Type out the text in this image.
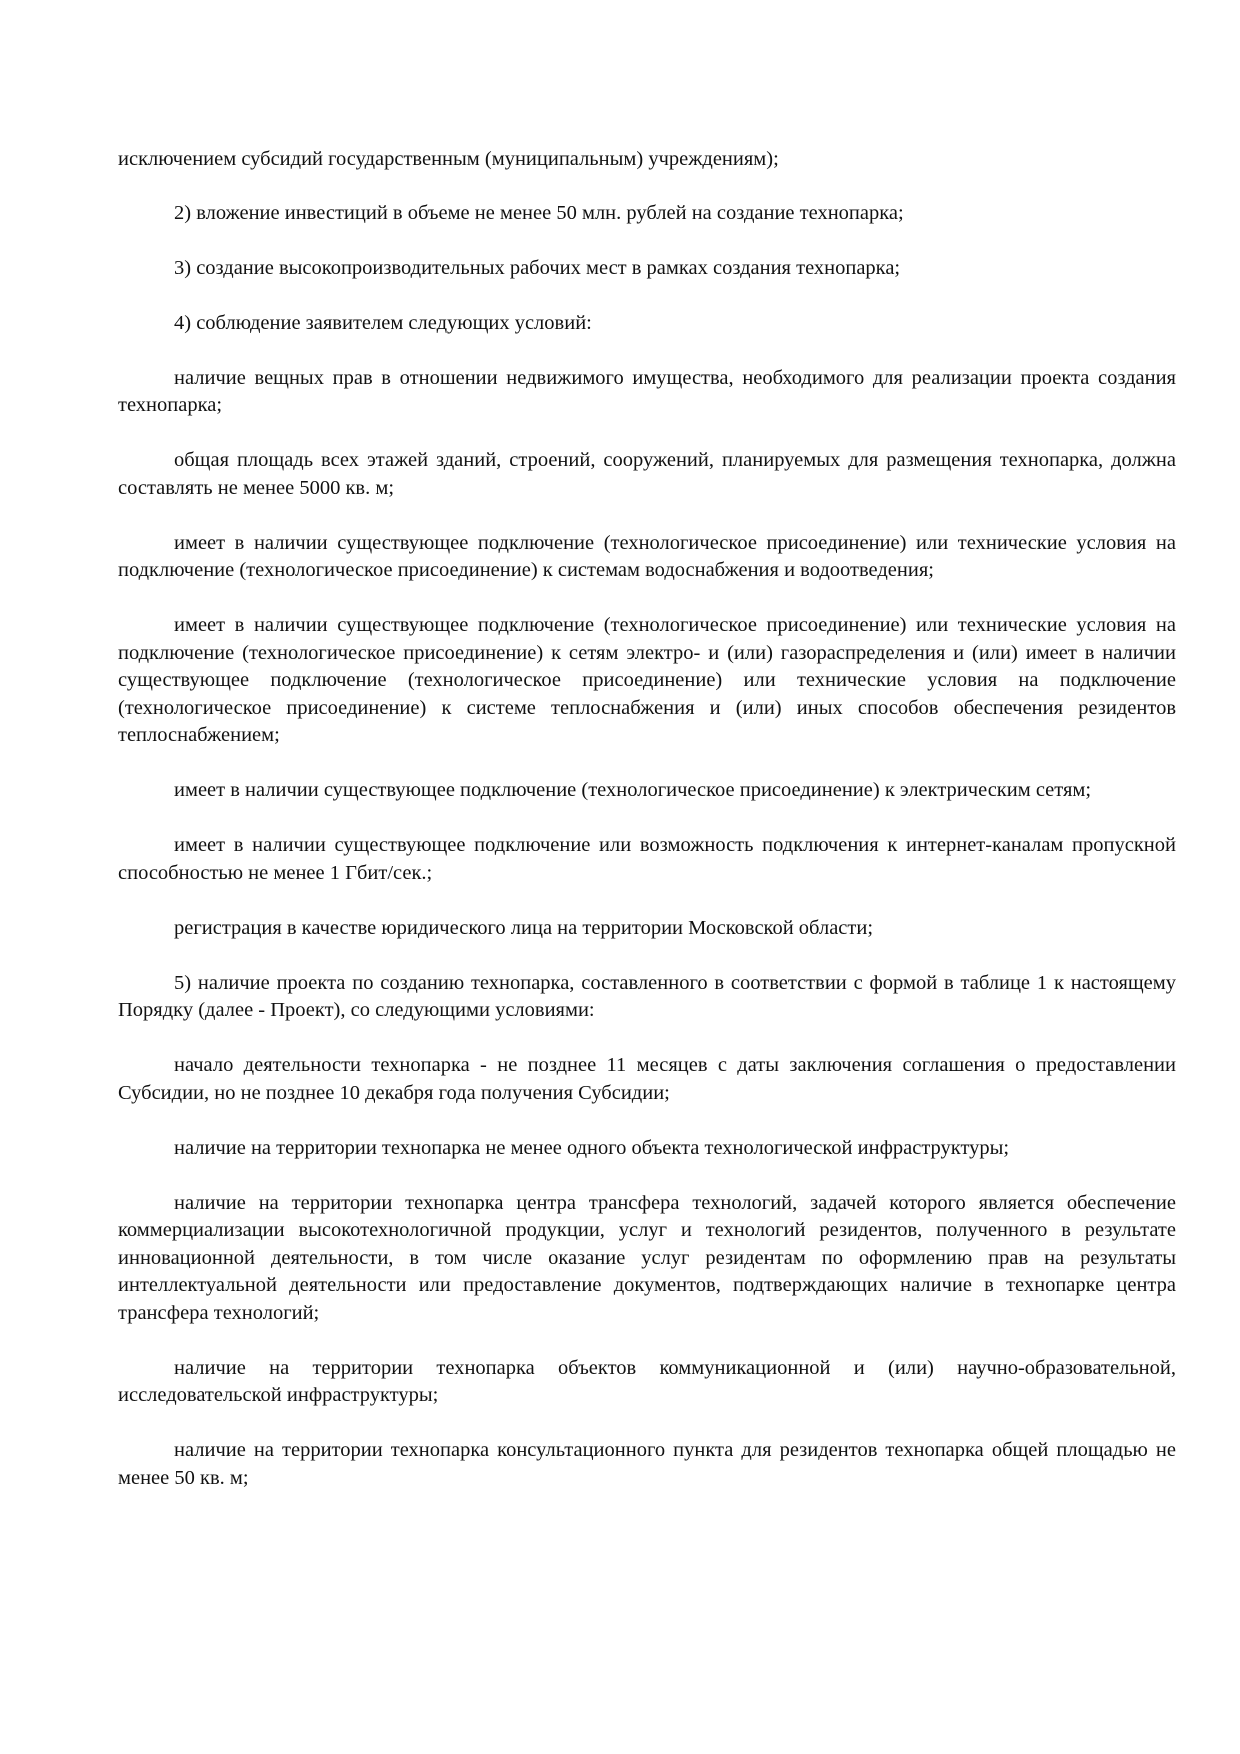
исключением субсидий государственным (муниципальным) учреждениям);

2) вложение инвестиций в объеме не менее 50 млн. рублей на создание технопарка;

3) создание высокопроизводительных рабочих мест в рамках создания технопарка;

4) соблюдение заявителем следующих условий:

наличие вещных прав в отношении недвижимого имущества, необходимого для реализации проекта создания технопарка;

общая площадь всех этажей зданий, строений, сооружений, планируемых для размещения технопарка, должна составлять не менее 5000 кв. м;

имеет в наличии существующее подключение (технологическое присоединение) или технические условия на подключение (технологическое присоединение) к системам водоснабжения и водоотведения;

имеет в наличии существующее подключение (технологическое присоединение) или технические условия на подключение (технологическое присоединение) к сетям электро- и (или) газораспределения и (или) имеет в наличии существующее подключение (технологическое присоединение) или технические условия на подключение (технологическое присоединение) к системе теплоснабжения и (или) иных способов обеспечения резидентов теплоснабжением;

имеет в наличии существующее подключение (технологическое присоединение) к электрическим сетям;

имеет в наличии существующее подключение или возможность подключения к интернет-каналам пропускной способностью не менее 1 Гбит/сек.;

регистрация в качестве юридического лица на территории Московской области;

5) наличие проекта по созданию технопарка, составленного в соответствии с формой в таблице 1 к настоящему Порядку (далее - Проект), со следующими условиями:

начало деятельности технопарка - не позднее 11 месяцев с даты заключения соглашения о предоставлении Субсидии, но не позднее 10 декабря года получения Субсидии;

наличие на территории технопарка не менее одного объекта технологической инфраструктуры;

наличие на территории технопарка центра трансфера технологий, задачей которого является обеспечение коммерциализации высокотехнологичной продукции, услуг и технологий резидентов, полученного в результате инновационной деятельности, в том числе оказание услуг резидентам по оформлению прав на результаты интеллектуальной деятельности или предоставление документов, подтверждающих наличие в технопарке центра трансфера технологий;

наличие на территории технопарка объектов коммуникационной и (или) научно-образовательной, исследовательской инфраструктуры;

наличие на территории технопарка консультационного пункта для резидентов технопарка общей площадью не менее 50 кв. м;
